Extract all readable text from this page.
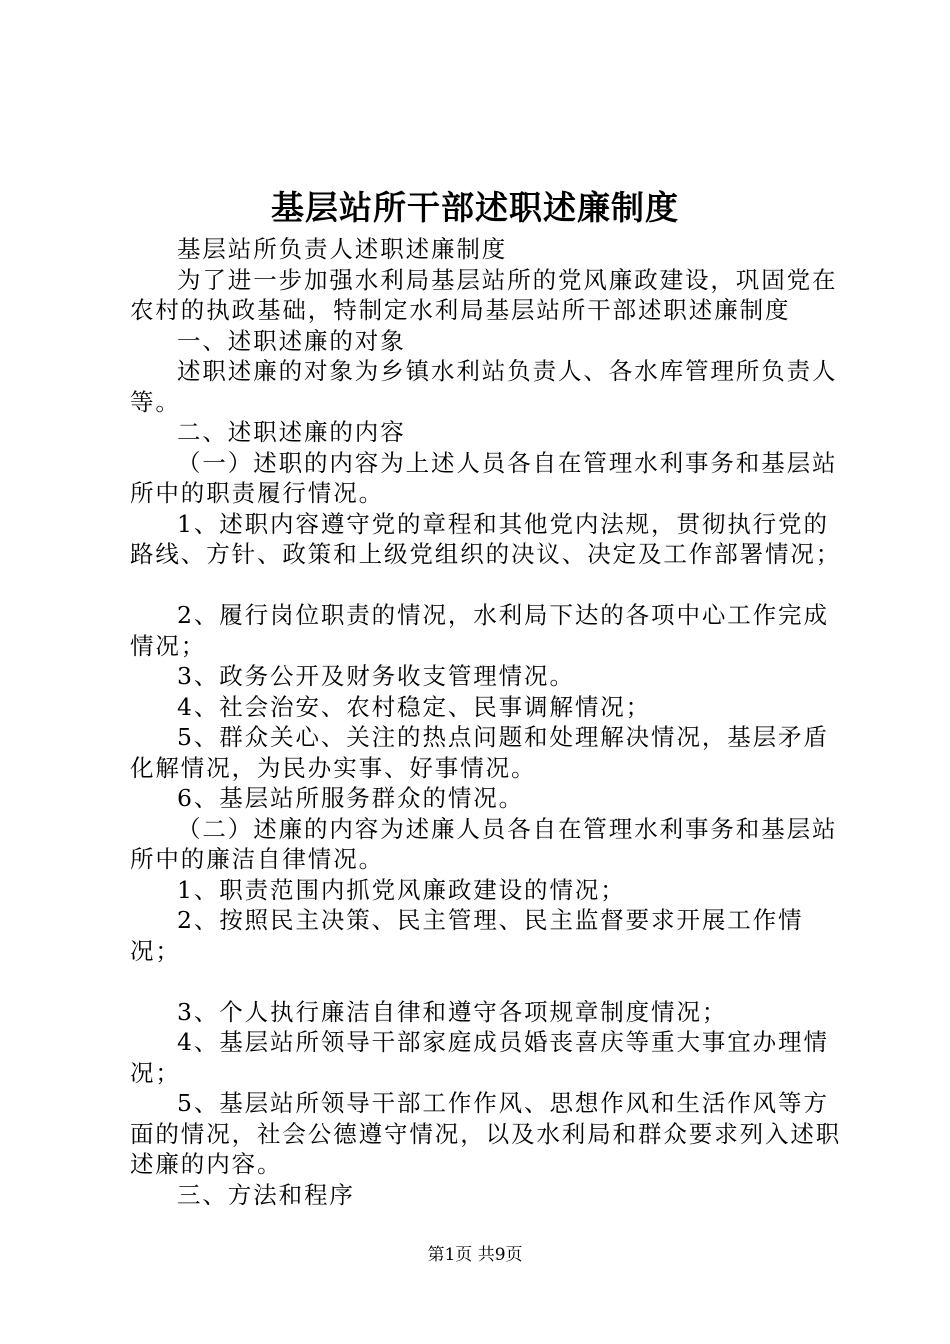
基层站所干部述职述廉制度

基层站所负责人述职述廉制度

为了进一步加强水利局基层站所的党风廉政建设，巩固党在农村的执政基础，特制定水利局基层站所干部述职述廉制度

一、述职述廉的对象

述职述廉的对象为乡镇水利站负责人、各水库管理所负责人等。

二、述职述廉的内容

（一）述职的内容为上述人员各自在管理水利事务和基层站所中的职责履行情况。

1、述职内容遵守党的章程和其他党内法规，贯彻执行党的路线、方针、政策和上级党组织的决议、决定及工作部署情况；

2、履行岗位职责的情况，水利局下达的各项中心工作完成情况；

3、政务公开及财务收支管理情况。

4、社会治安、农村稳定、民事调解情况；

5、群众关心、关注的热点问题和处理解决情况，基层矛盾化解情况，为民办实事、好事情况。

6、基层站所服务群众的情况。

（二）述廉的内容为述廉人员各自在管理水利事务和基层站所中的廉洁自律情况。

1、职责范围内抓党风廉政建设的情况；

2、按照民主决策、民主管理、民主监督要求开展工作情况；

3、个人执行廉洁自律和遵守各项规章制度情况；

4、基层站所领导干部家庭成员婚丧喜庆等重大事宜办理情况；

5、基层站所领导干部工作作风、思想作风和生活作风等方面的情况，社会公德遵守情况，以及水利局和群众要求列入述职述廉的内容。

三、方法和程序

第1页 共9页
